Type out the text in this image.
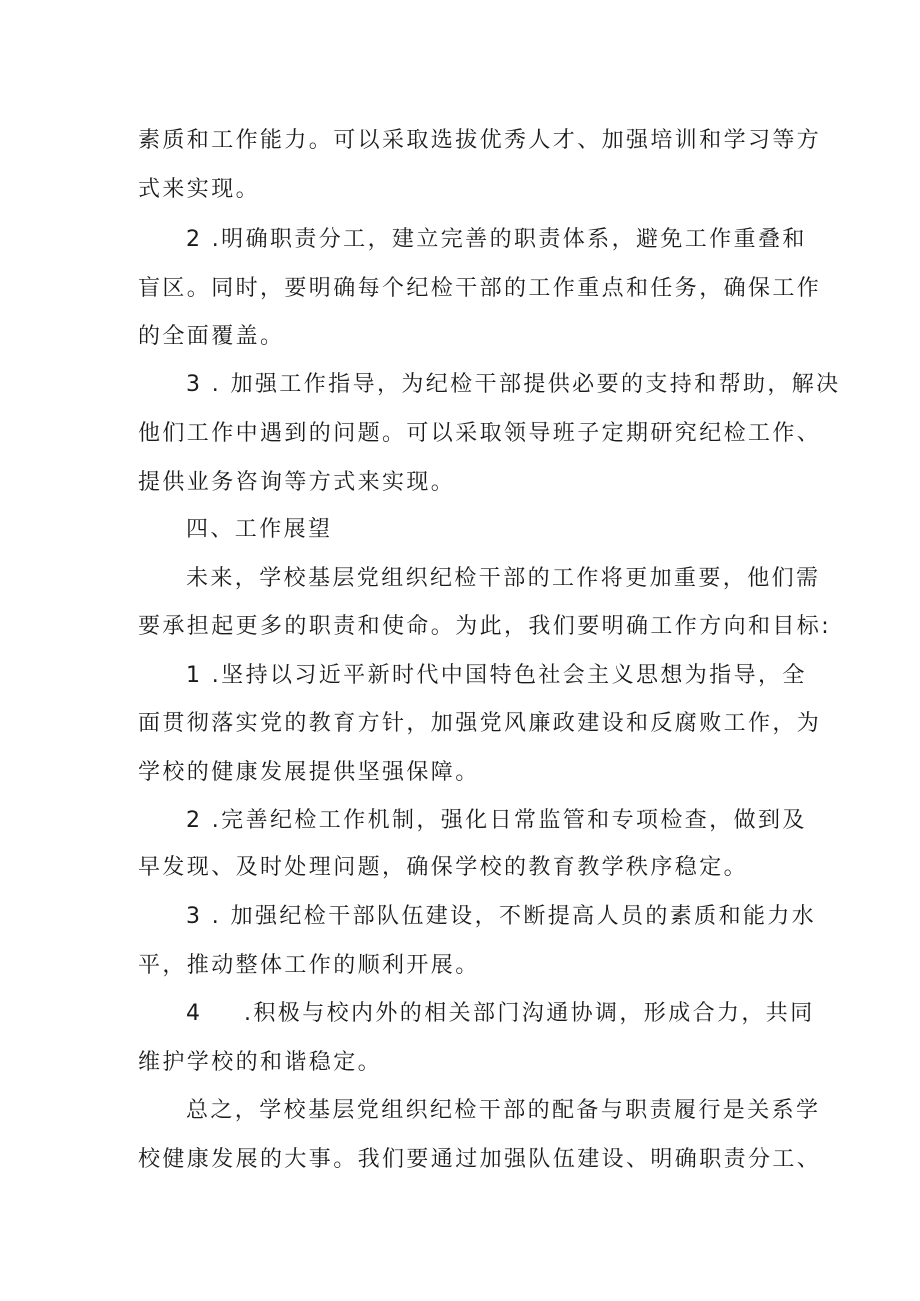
素质和工作能力。可以采取选拔优秀人才、加强培训和学习等方
式来实现。
2 .明确职责分工，建立完善的职责体系，避免工作重叠和
盲区。同时，要明确每个纪检干部的工作重点和任务，确保工作
的全面覆盖。
3 . 加强工作指导，为纪检干部提供必要的支持和帮助，解决
他们工作中遇到的问题。可以采取领导班子定期研究纪检工作、
提供业务咨询等方式来实现。
四、工作展望
未来，学校基层党组织纪检干部的工作将更加重要，他们需
要承担起更多的职责和使命。为此，我们要明确工作方向和目标:
1 .坚持以习近平新时代中国特色社会主义思想为指导，全
面贯彻落实党的教育方针，加强党风廉政建设和反腐败工作，为
学校的健康发展提供坚强保障。
2 .完善纪检工作机制，强化日常监管和专项检查，做到及
早发现、及时处理问题，确保学校的教育教学秩序稳定。
3 . 加强纪检干部队伍建设，不断提高人员的素质和能力水
平，推动整体工作的顺利开展。
4 .积极与校内外的相关部门沟通协调，形成合力，共同
维护学校的和谐稳定。
总之，学校基层党组织纪检干部的配备与职责履行是关系学
校健康发展的大事。我们要通过加强队伍建设、明确职责分工、
